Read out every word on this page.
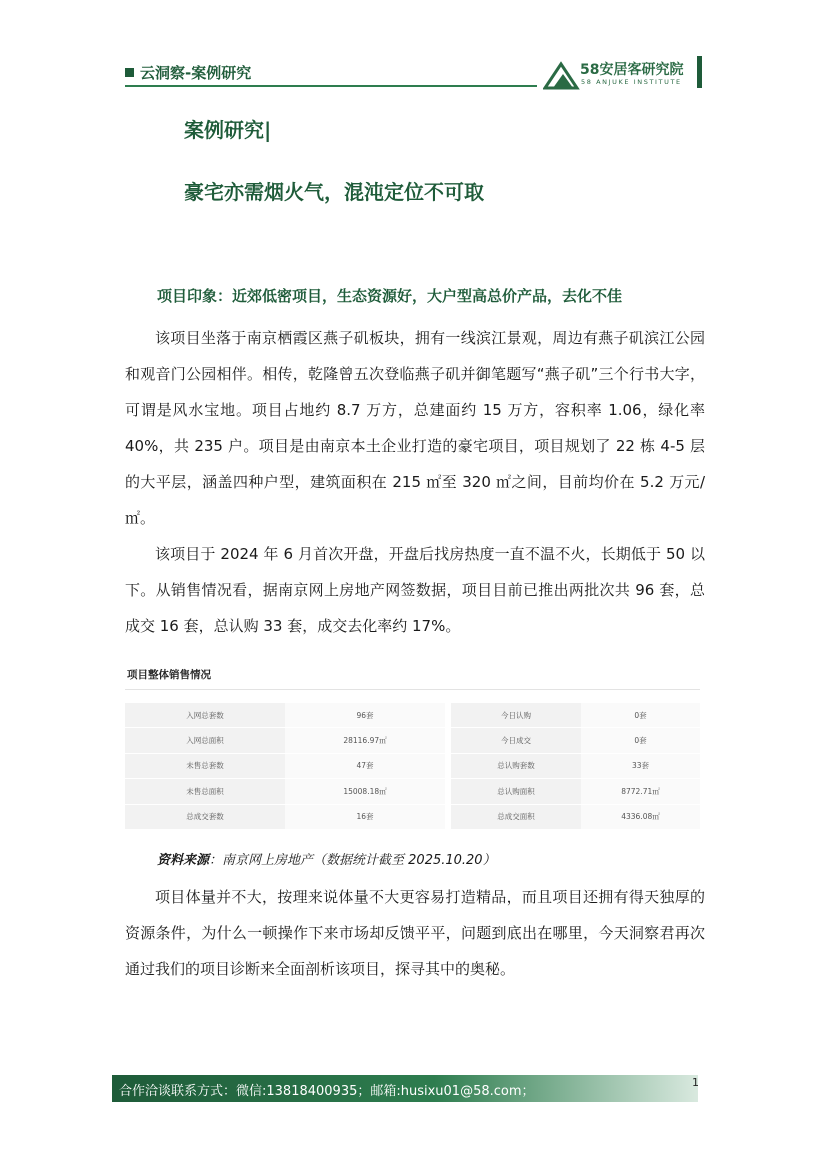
云洞察-案例研究	58安居客研究院
58 ANJUKE INSTITUTE
案例研究|
豪宅亦需烟火气，混沌定位不可取
项目印象：近郊低密项目，生态资源好，大户型高总价产品，去化不佳
该项目坐落于南京栖霞区燕子矶板块，拥有一线滨江景观，周边有燕子矶滨江公园和观音门公园相伴。相传，乾隆曾五次登临燕子矶并御笔题写“燕子矶”三个行书大字，可谓是风水宝地。项目占地约 8.7 万方，总建面约 15 万方，容积率 1.06，绿化率 40%，共 235 户。项目是由南京本土企业打造的豪宅项目，项目规划了 22 栋 4-5 层的大平层，涵盖四种户型，建筑面积在 215 ㎡至 320 ㎡之间，目前均价在 5.2 万元/㎡。
该项目于 2024 年 6 月首次开盘，开盘后找房热度一直不温不火，长期低于 50 以下。从销售情况看，据南京网上房地产网签数据，项目目前已推出两批次共 96 套，总成交 16 套，总认购 33 套，成交去化率约 17%。
项目整体销售情况
入网总套数	96套		今日认购	0套
入网总面积	28116.97㎡		今日成交	0套
未售总套数	47套		总认购套数	33套
未售总面积	15008.18㎡		总认购面积	8772.71㎡
总成交套数	16套		总成交面积	4336.08㎡
资料来源：南京网上房地产（数据统计截至 2025.10.20）
项目体量并不大，按理来说体量不大更容易打造精品，而且项目还拥有得天独厚的资源条件，为什么一顿操作下来市场却反馈平平，问题到底出在哪里，今天洞察君再次通过我们的项目诊断来全面剖析该项目，探寻其中的奥秘。
合作洽谈联系方式：微信:13818400935；邮箱:husixu01@58.com；
1
